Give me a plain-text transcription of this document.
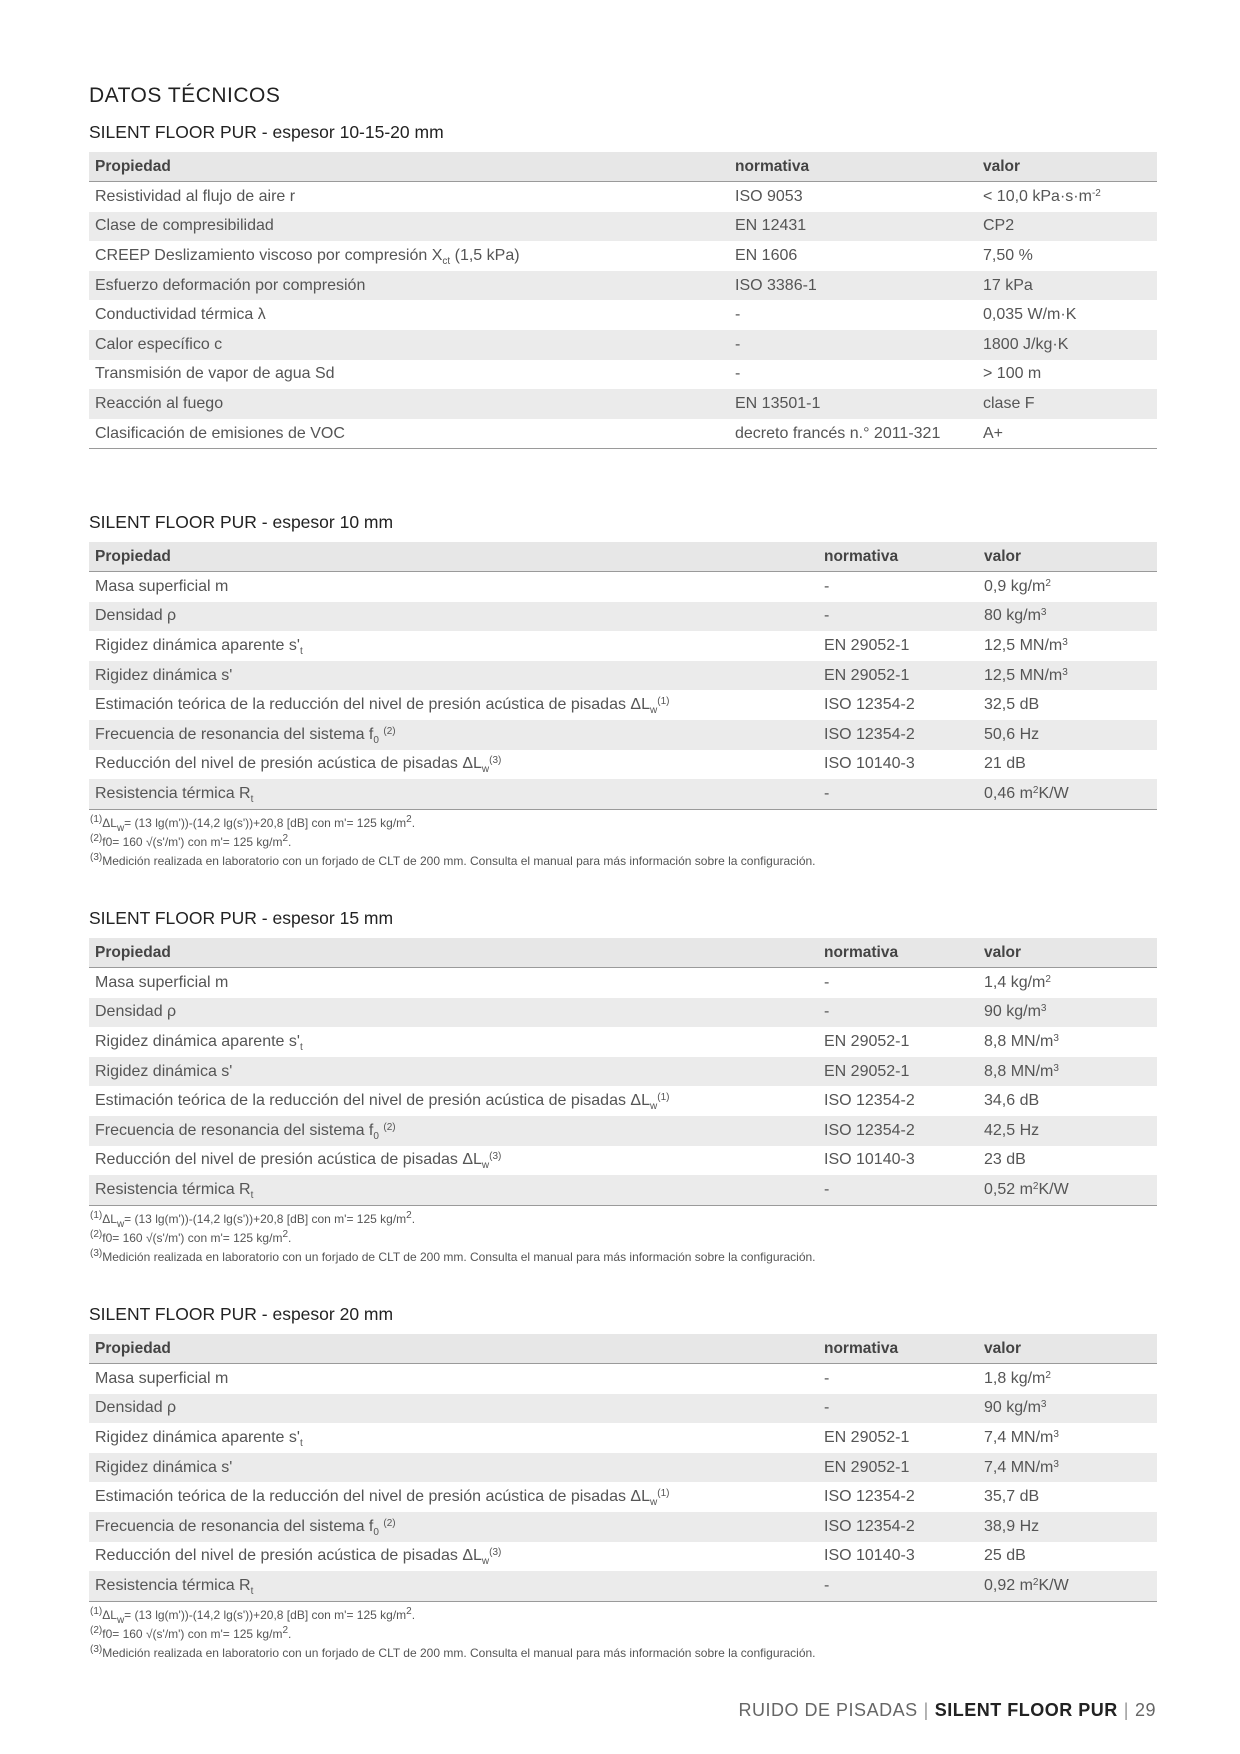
DATOS TÉCNICOS
SILENT FLOOR PUR - espesor 10-15-20 mm
Propiedad	normativa	valor
Resistividad al flujo de aire r	ISO 9053	< 10,0 $kPa\cdot s\cdot m^{-2}$
Clase de compresibilidad	EN 12431	CP2
CREEP Deslizamiento viscoso por compresión $X_{ct}$ (1,5 kPa)	EN 1606	7,50 %
Esfuerzo deformación por compresión	ISO 3386-1	17 kPa
Conductividad térmica λ	-	0,035 W/m·K
Calor específico c	-	1800 J/kg·K
Transmisión de vapor de agua Sd	-	> 100 m
Reacción al fuego	EN 13501-1	clase F
Clasificación de emisiones de VOC	decreto francés n.° 2011-321	A+
SILENT FLOOR PUR - espesor 10 mm
Propiedad	normativa	valor
Masa superficial m	-	0,9 $kg/m^2$
Densidad ρ	-	80 $kg/m^3$
Rigidez dinámica aparente $s'_t$	EN 29052-1	12,5 $MN/m^3$
Rigidez dinámica s'	EN 29052-1	12,5 $MN/m^3$
Estimación teórica de la reducción del nivel de presión acústica de pisadas $\Delta L_w^{(1)}$	ISO 12354-2	32,5 dB
Frecuencia de resonancia del sistema $f_0$ $^{(2)}$	ISO 12354-2	50,6 Hz
Reducción del nivel de presión acústica de pisadas $\Delta L_w^{(3)}$	ISO 10140-3	21 dB
Resistencia térmica $R_t$	-	0,46 $m^2K/W$
$^{(1)}\Delta L_w= (13$ lg(m'))-(14,2 lg(s'))+20,8 [dB] con m'= 125 $kg/m^2$.
$^{(2)}$f0= 160 √(s'/m') con m'= 125 $kg/m^2$.
$^{(3)}$Medición realizada en laboratorio con un forjado de CLT de 200 mm. Consulta el manual para más información sobre la configuración.
SILENT FLOOR PUR - espesor 15 mm
Propiedad	normativa	valor
Masa superficial m	-	1,4 $kg/m^2$
Densidad ρ	-	90 $kg/m^3$
Rigidez dinámica aparente $s'_t$	EN 29052-1	8,8 $MN/m^3$
Rigidez dinámica s'	EN 29052-1	8,8 $MN/m^3$
Estimación teórica de la reducción del nivel de presión acústica de pisadas $\Delta L_w^{(1)}$	ISO 12354-2	34,6 dB
Frecuencia de resonancia del sistema $f_0$ $^{(2)}$	ISO 12354-2	42,5 Hz
Reducción del nivel de presión acústica de pisadas $\Delta L_w^{(3)}$	ISO 10140-3	23 dB
Resistencia térmica $R_t$	-	0,52 $m^2K/W$
$^{(1)}\Delta L_w= (13$ lg(m'))-(14,2 lg(s'))+20,8 [dB] con m'= 125 $kg/m^2$.
$^{(2)}$f0= 160 √(s'/m') con m'= 125 $kg/m^2$.
$^{(3)}$Medición realizada en laboratorio con un forjado de CLT de 200 mm. Consulta el manual para más información sobre la configuración.
SILENT FLOOR PUR - espesor 20 mm
Propiedad	normativa	valor
Masa superficial m	-	1,8 $kg/m^2$
Densidad ρ	-	90 $kg/m^3$
Rigidez dinámica aparente $s'_t$	EN 29052-1	7,4 $MN/m^3$
Rigidez dinámica s'	EN 29052-1	7,4 $MN/m^3$
Estimación teórica de la reducción del nivel de presión acústica de pisadas $\Delta L_w^{(1)}$	ISO 12354-2	35,7 dB
Frecuencia de resonancia del sistema $f_0$ $^{(2)}$	ISO 12354-2	38,9 Hz
Reducción del nivel de presión acústica de pisadas $\Delta L_w^{(3)}$	ISO 10140-3	25 dB
Resistencia térmica $R_t$	-	0,92 $m^2K/W$
$^{(1)}\Delta L_w= (13$ lg(m'))-(14,2 lg(s'))+20,8 [dB] con m'= 125 $kg/m^2$.
$^{(2)}$f0= 160 √(s'/m') con m'= 125 $kg/m^2$.
$^{(3)}$Medición realizada en laboratorio con un forjado de CLT de 200 mm. Consulta el manual para más información sobre la configuración.
RUIDO DE PISADAS | SILENT FLOOR PUR | 29
